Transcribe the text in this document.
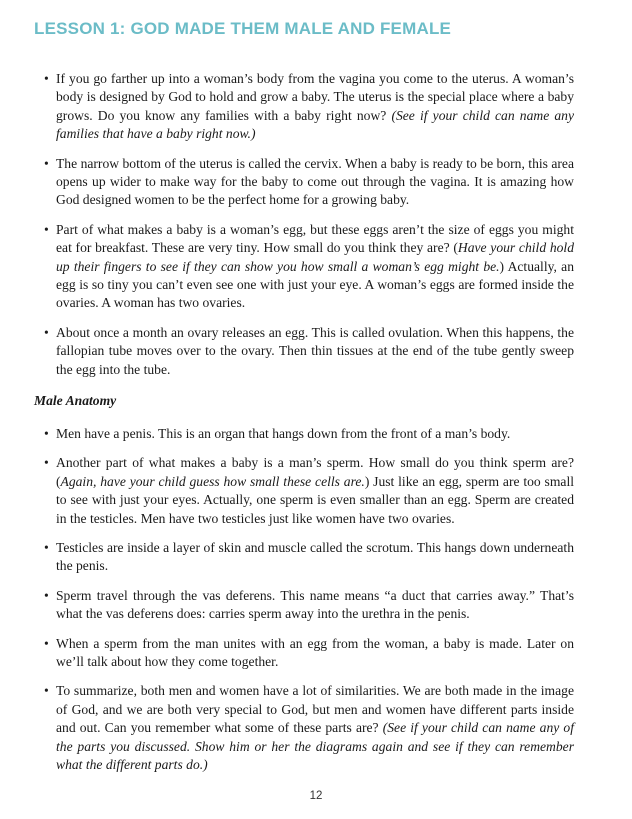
LESSON 1: GOD MADE THEM MALE AND FEMALE
• If you go farther up into a woman’s body from the vagina you come to the uterus. A woman’s body is designed by God to hold and grow a baby. The uterus is the special place where a baby grows. Do you know any families with a baby right now? (See if your child can name any families that have a baby right now.)
• The narrow bottom of the uterus is called the cervix. When a baby is ready to be born, this area opens up wider to make way for the baby to come out through the vagina. It is amazing how God designed women to be the perfect home for a growing baby.
• Part of what makes a baby is a woman’s egg, but these eggs aren’t the size of eggs you might eat for breakfast. These are very tiny. How small do you think they are? (Have your child hold up their fingers to see if they can show you how small a woman’s egg might be.) Actually, an egg is so tiny you can’t even see one with just your eye. A woman’s eggs are formed inside the ovaries. A woman has two ovaries.
• About once a month an ovary releases an egg. This is called ovulation. When this happens, the fallopian tube moves over to the ovary. Then thin tissues at the end of the tube gently sweep the egg into the tube.
Male Anatomy
• Men have a penis. This is an organ that hangs down from the front of a man’s body.
• Another part of what makes a baby is a man’s sperm. How small do you think sperm are? (Again, have your child guess how small these cells are.) Just like an egg, sperm are too small to see with just your eyes. Actually, one sperm is even smaller than an egg. Sperm are created in the testicles. Men have two testicles just like women have two ovaries.
• Testicles are inside a layer of skin and muscle called the scrotum. This hangs down underneath the penis.
• Sperm travel through the vas deferens. This name means “a duct that carries away.” That’s what the vas deferens does: carries sperm away into the urethra in the penis.
• When a sperm from the man unites with an egg from the woman, a baby is made. Later on we’ll talk about how they come together.
• To summarize, both men and women have a lot of similarities. We are both made in the image of God, and we are both very special to God, but men and women have different parts inside and out. Can you remember what some of these parts are? (See if your child can name any of the parts you discussed. Show him or her the diagrams again and see if they can remember what the different parts do.)
12
